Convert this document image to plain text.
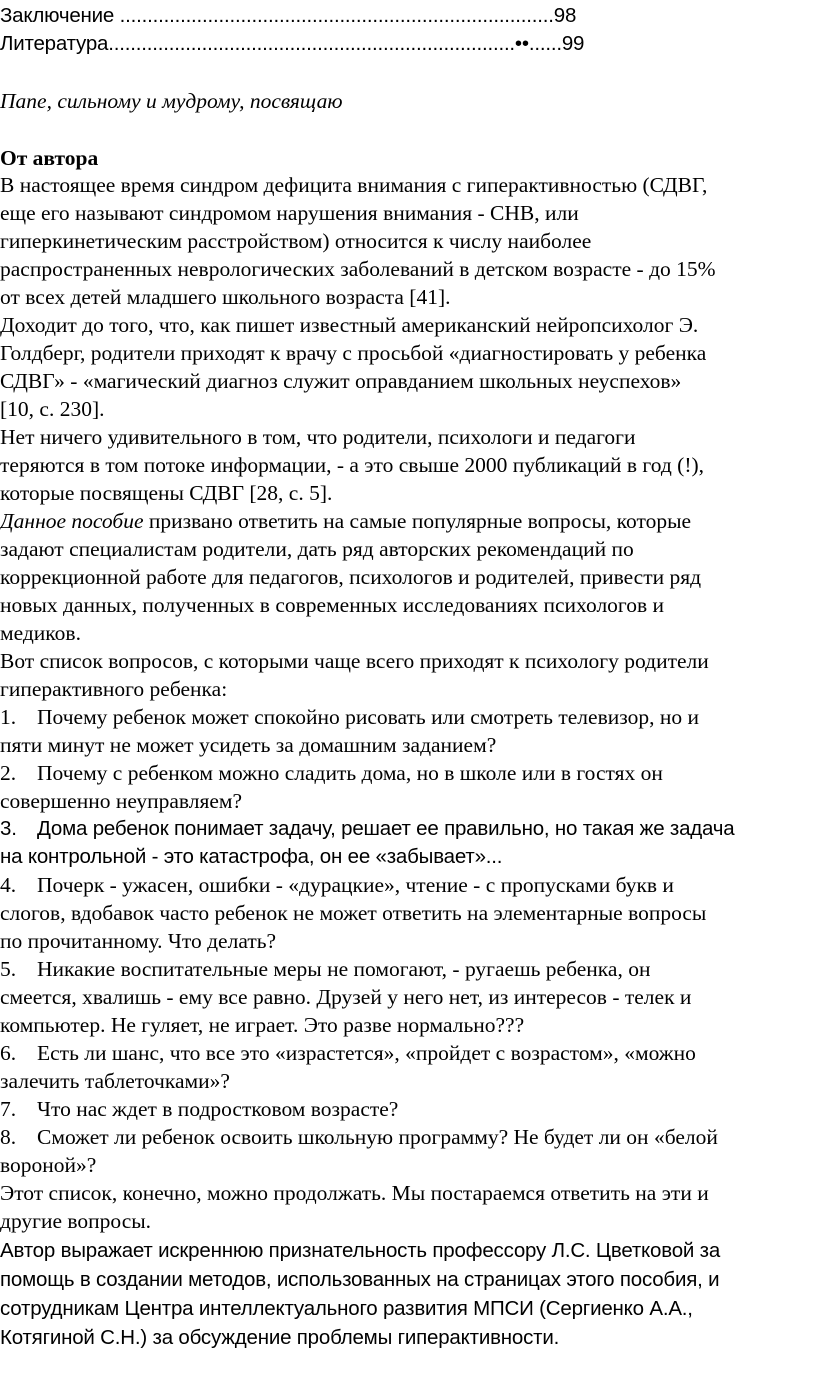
Заключение ...............................................................................98
Литература..........................................................................••......99
Папе, сильному и мудрому, посвящаю
От автора
В настоящее время синдром дефицита внимания с гиперактивностью (СДВГ,
еще его называют синдромом нарушения внимания - СНВ, или
гиперкинетическим расстройством) относится к числу наиболее
распространенных неврологических заболеваний в детском возрасте - до 15%
от всех детей младшего школьного возраста [41].
Доходит до того, что, как пишет известный американский нейропсихолог Э.
Голдберг, родители приходят к врачу с просьбой «диагностировать у ребенка
СДВГ» - «магический диагноз служит оправданием школьных неуспехов»
[10, с. 230].
Нет ничего удивительного в том, что родители, психологи и педагоги
теряются в том потоке информации, - а это свыше 2000 публикаций в год (!),
которые посвящены СДВГ [28, с. 5].
Данное пособие призвано ответить на самые популярные вопросы, которые
задают специалистам родители, дать ряд авторских рекомендаций по
коррекционной работе для педагогов, психологов и родителей, привести ряд
новых данных, полученных в современных исследованиях психологов и
медиков.
Вот список вопросов, с которыми чаще всего приходят к психологу родители
гиперактивного ребенка:
1. Почему ребенок может спокойно рисовать или смотреть телевизор, но и
пяти минут не может усидеть за домашним заданием?
2. Почему с ребенком можно сладить дома, но в школе или в гостях он
совершенно неуправляем?
3. Дома ребенок понимает задачу, решает ее правильно, но такая же задача
на контрольной - это катастрофа, он ее «забывает»...
4. Почерк - ужасен, ошибки - «дурацкие», чтение - с пропусками букв и
слогов, вдобавок часто ребенок не может ответить на элементарные вопросы
по прочитанному. Что делать?
5. Никакие воспитательные меры не помогают, - ругаешь ребенка, он
смеется, хвалишь - ему все равно. Друзей у него нет, из интересов - телек и
компьютер. Не гуляет, не играет. Это разве нормально???
6. Есть ли шанс, что все это «израстется», «пройдет с возрастом», «можно
залечить таблеточками»?
7. Что нас ждет в подростковом возрасте?
8. Сможет ли ребенок освоить школьную программу? Не будет ли он «белой
вороной»?
Этот список, конечно, можно продолжать. Мы постараемся ответить на эти и
другие вопросы.
Автор выражает искреннюю признательность профессору Л.С. Цветковой за
помощь в создании методов, использованных на страницах этого пособия, и
сотрудникам Центра интеллектуального развития МПСИ (Сергиенко А.А.,
Котягиной С.Н.) за обсуждение проблемы гиперактивности.
